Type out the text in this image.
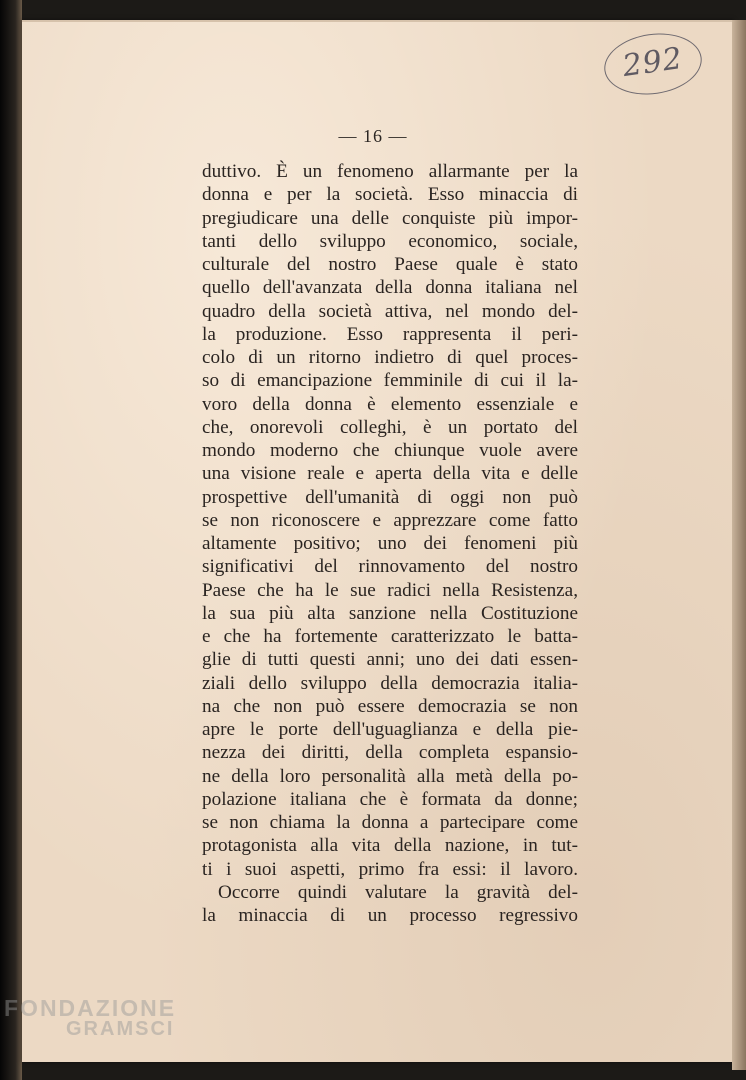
292
— 16 —
duttivo. È un fenomeno allarmante per la
donna e per la società. Esso minaccia di
pregiudicare una delle conquiste più impor-
tanti dello sviluppo economico, sociale,
culturale del nostro Paese quale è stato
quello dell'avanzata della donna italiana nel
quadro della società attiva, nel mondo del-
la produzione. Esso rappresenta il peri-
colo di un ritorno indietro di quel proces-
so di emancipazione femminile di cui il la-
voro della donna è elemento essenziale e
che, onorevoli colleghi, è un portato del
mondo moderno che chiunque vuole avere
una visione reale e aperta della vita e delle
prospettive dell'umanità di oggi non può
se non riconoscere e apprezzare come fatto
altamente positivo; uno dei fenomeni più
significativi del rinnovamento del nostro
Paese che ha le sue radici nella Resistenza,
la sua più alta sanzione nella Costituzione
e che ha fortemente caratterizzato le batta-
glie di tutti questi anni; uno dei dati essen-
ziali dello sviluppo della democrazia italia-
na che non può essere democrazia se non
apre le porte dell'uguaglianza e della pie-
nezza dei diritti, della completa espansio-
ne della loro personalità alla metà della po-
polazione italiana che è formata da donne;
se non chiama la donna a partecipare come
protagonista alla vita della nazione, in tut-
ti i suoi aspetti, primo fra essi: il lavoro.
Occorre quindi valutare la gravità del-
la minaccia di un processo regressivo
FONDAZIONE
GRAMSCI
